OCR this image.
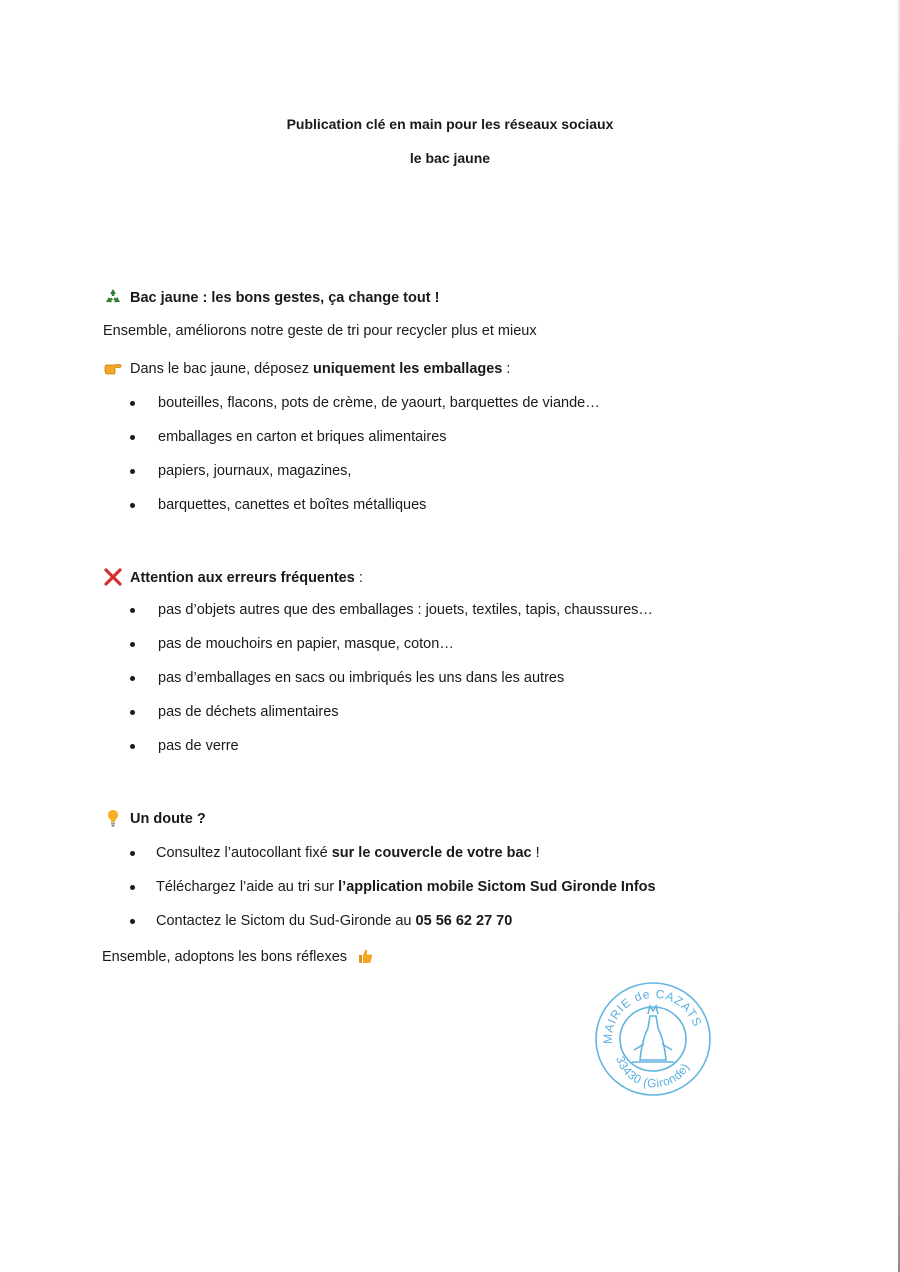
Publication clé en main pour les réseaux sociaux
le bac jaune
Bac jaune : les bons gestes, ça change tout !
Ensemble, améliorons notre geste de tri pour recycler plus et mieux
Dans le bac jaune, déposez uniquement les emballages :
bouteilles, flacons, pots de crème, de yaourt, barquettes de viande…
emballages en carton et briques alimentaires
papiers, journaux, magazines,
barquettes, canettes et boîtes métalliques
Attention aux erreurs fréquentes :
pas d’objets autres que des emballages : jouets, textiles, tapis, chaussures…
pas de mouchoirs en papier, masque, coton…
pas d’emballages en sacs ou imbriqués les uns dans les autres
pas de déchets alimentaires
pas de verre
Un doute ?
Consultez l’autocollant fixé sur le couvercle de votre bac !
Téléchargez l’aide au tri sur l’application mobile Sictom Sud Gironde Infos
Contactez le Sictom du Sud-Gironde au 05 56 62 27 70
Ensemble, adoptons les bons réflexes
MAIRIE de CAZATS
33430 (Gironde)
